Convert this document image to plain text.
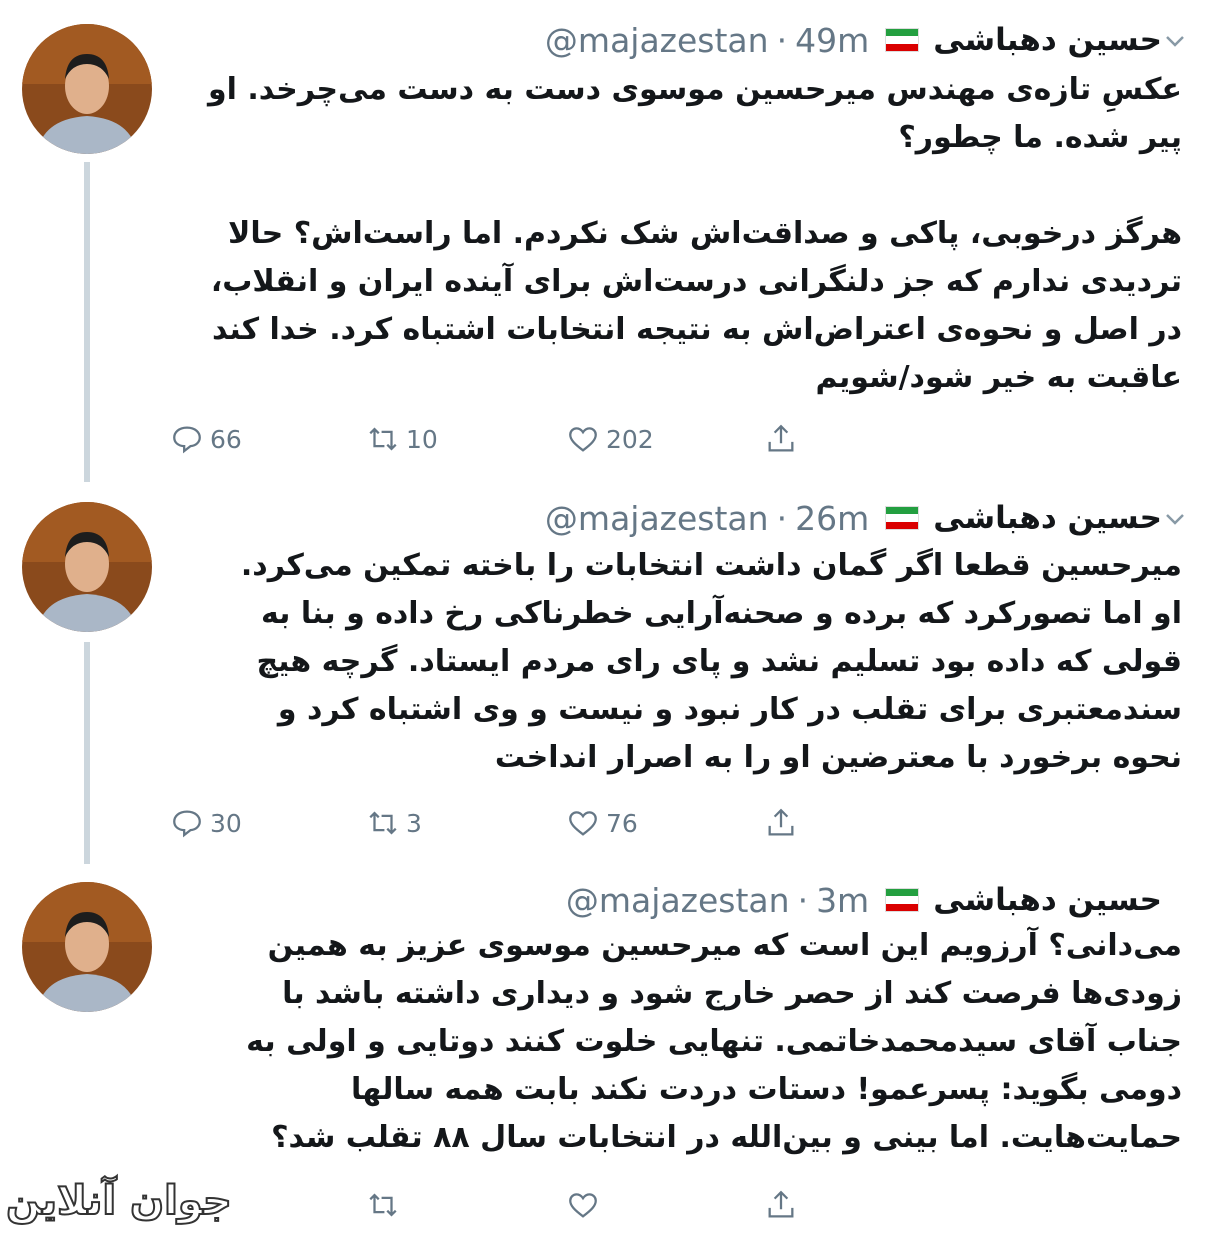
حسین دهباشی
@majazestan · 49m

عکسِ تازه‌ی مهندس میرحسین موسوی دست به دست می‌چرخد. او پیر شده. ما چطور؟

هرگز درخوبی، پاکی و صداقت‌اش شک نکردم. اما راست‌اش؟ حالا تردیدی ندارم که جز دلنگرانی درست‌اش برای آینده ایران و انقلاب، در اصل و نحوه‌ی اعتراض‌اش به نتیجه انتخابات اشتباه کرد. خدا کند عاقبت به خیر شود/شویم

66	10	202
حسین دهباشی
@majazestan · 26m

میرحسین قطعا اگر گمان داشت انتخابات را باخته تمکین می‌کرد. او اما تصورکرد که برده و صحنه‌آرایی خطرناکی رخ داده و بنا به قولی که داده بود تسلیم نشد و پای رای مردم ایستاد. گرچه هیچ سندمعتبری برای تقلب در کار نبود و نیست و وی اشتباه کرد و نحوه برخورد با معترضین او را به اصرار انداخت

30	3	76
حسین دهباشی
@majazestan · 3m

می‌دانی؟ آرزویم این است که میرحسین موسوی عزیز به همین زودی‌ها فرصت کند از حصر خارج شود و دیداری داشته باشد با جناب آقای سیدمحمدخاتمی. تنهایی خلوت کنند دوتایی و اولی به دومی بگوید: پسرعمو! دستات دردت نکند بابت همه سالها حمایت‌هایت. اما بینی و بین‌الله در انتخابات سال ۸۸ تقلب شد؟

جوان آنلاین
